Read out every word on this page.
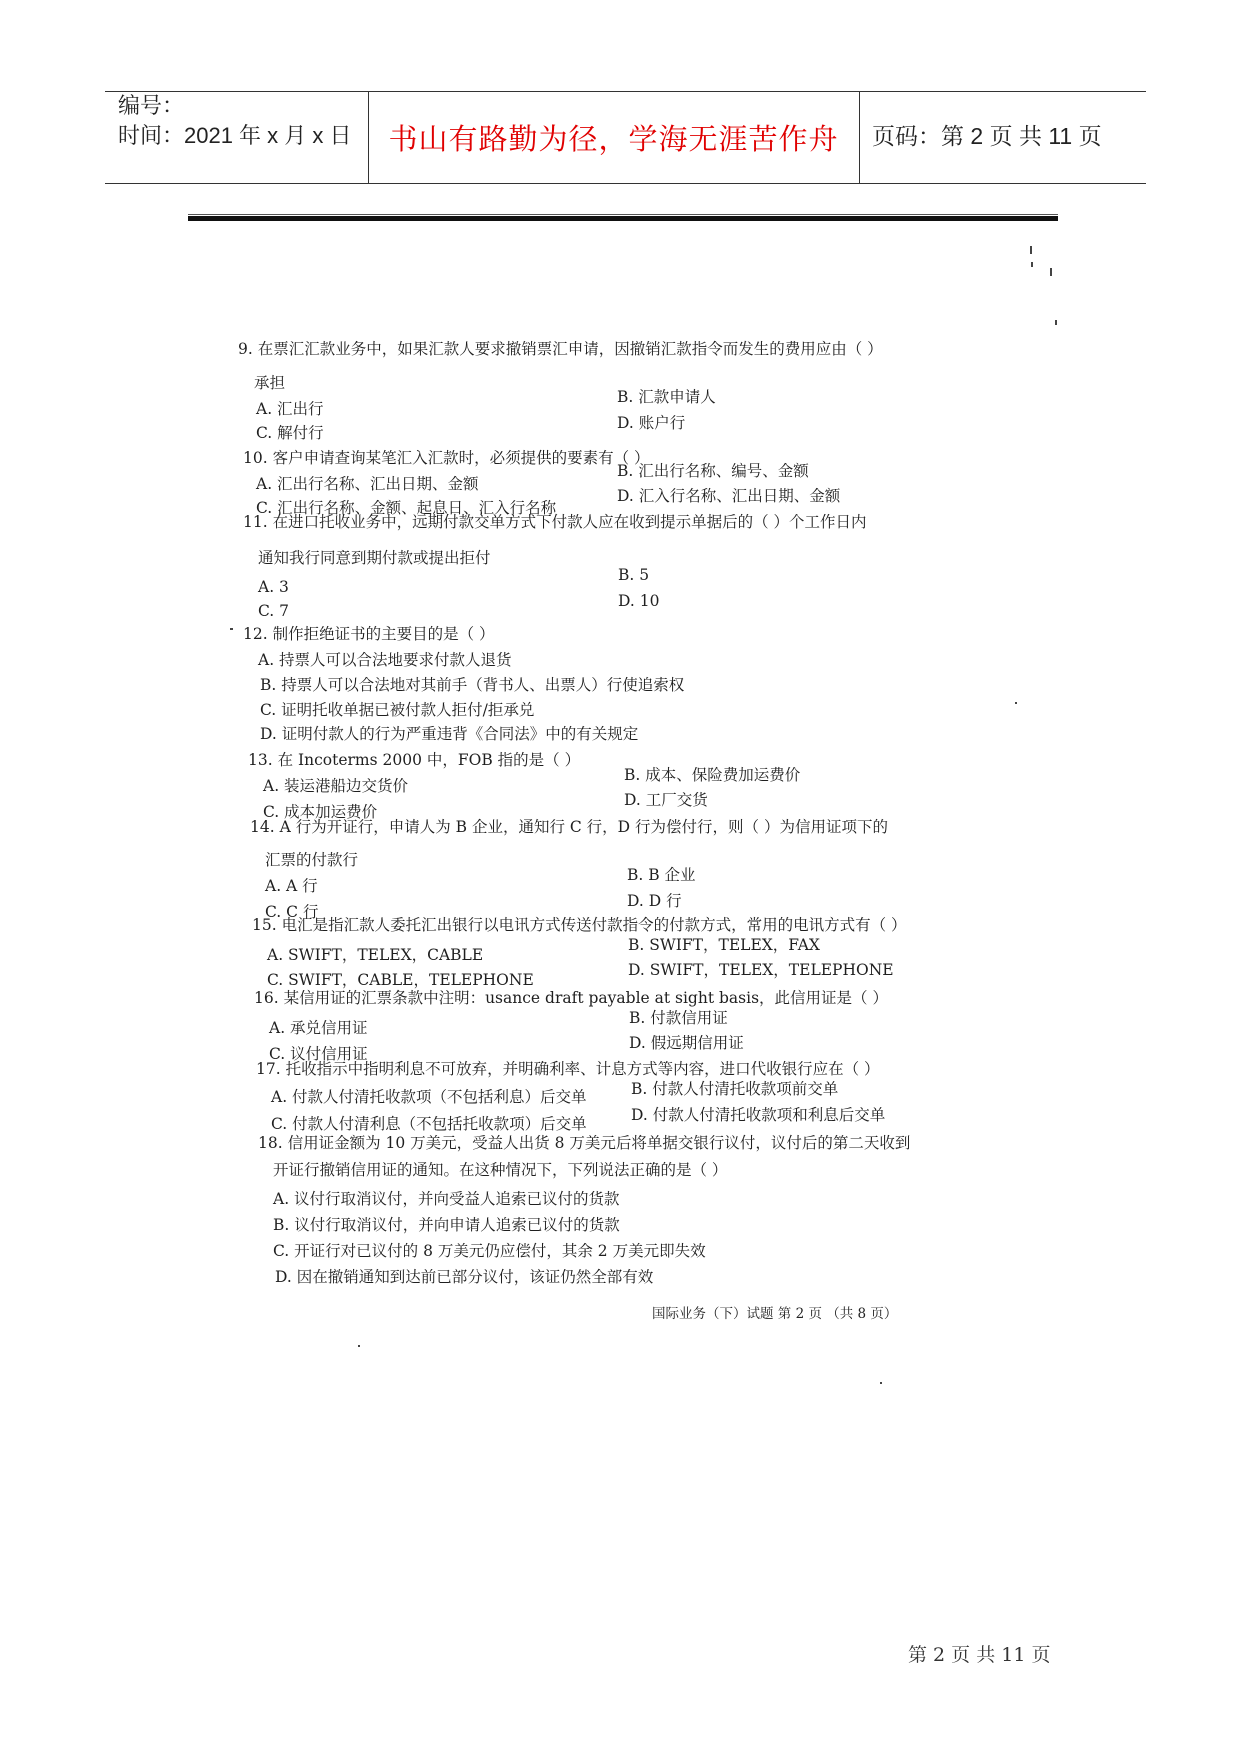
编号：
时间：2021 年 x 月 x 日	书山有路勤为径，学海无涯苦作舟	页码：第 2 页 共 11 页
9. 在票汇汇款业务中，如果汇款人要求撤销票汇申请，因撤销汇款指令而发生的费用应由（ ）
承担
A. 汇出行
B. 汇款申请人
C. 解付行
D. 账户行
10. 客户申请查询某笔汇入汇款时，必须提供的要素有（ ）
A. 汇出行名称、汇出日期、金额
B. 汇出行名称、编号、金额
C. 汇出行名称、金额、起息日、汇入行名称
D. 汇入行名称、汇出日期、金额
11. 在进口托收业务中，远期付款交单方式下付款人应在收到提示单据后的（ ）个工作日内
通知我行同意到期付款或提出拒付
A. 3
B. 5
C. 7
D. 10
12. 制作拒绝证书的主要目的是（ ）
A. 持票人可以合法地要求付款人退货
B. 持票人可以合法地对其前手（背书人、出票人）行使追索权
C. 证明托收单据已被付款人拒付/拒承兑
D. 证明付款人的行为严重违背《合同法》中的有关规定
13. 在 Incoterms 2000 中，FOB 指的是（ ）
A. 装运港船边交货价
B. 成本、保险费加运费价
C. 成本加运费价
D. 工厂交货
14. A 行为开证行，申请人为 B 企业，通知行 C 行，D 行为偿付行，则（ ）为信用证项下的
汇票的付款行
A. A 行
B. B 企业
C. C 行
D. D 行
15. 电汇是指汇款人委托汇出银行以电讯方式传送付款指令的付款方式，常用的电讯方式有（ ）
A. SWIFT，TELEX，CABLE
B. SWIFT，TELEX，FAX
C. SWIFT，CABLE，TELEPHONE
D. SWIFT，TELEX，TELEPHONE
16. 某信用证的汇票条款中注明：usance draft payable at sight basis，此信用证是（ ）
A. 承兑信用证
B. 付款信用证
C. 议付信用证
D. 假远期信用证
17. 托收指示中指明利息不可放弃，并明确利率、计息方式等内容，进口代收银行应在（ ）
A. 付款人付清托收款项（不包括利息）后交单	B. 付款人付清托收款项前交单
C. 付款人付清利息（不包括托收款项）后交单	D. 付款人付清托收款项和利息后交单
18. 信用证金额为 10 万美元，受益人出货 8 万美元后将单据交银行议付，议付后的第二天收到
开证行撤销信用证的通知。在这种情况下，下列说法正确的是（ ）
A. 议付行取消议付，并向受益人追索已议付的货款
B. 议付行取消议付，并向申请人追索已议付的货款
C. 开证行对已议付的 8 万美元仍应偿付，其余 2 万美元即失效
D. 因在撤销通知到达前已部分议付，该证仍然全部有效
国际业务（下）试题 第 2 页 （共 8 页）
第 2 页 共 11 页
